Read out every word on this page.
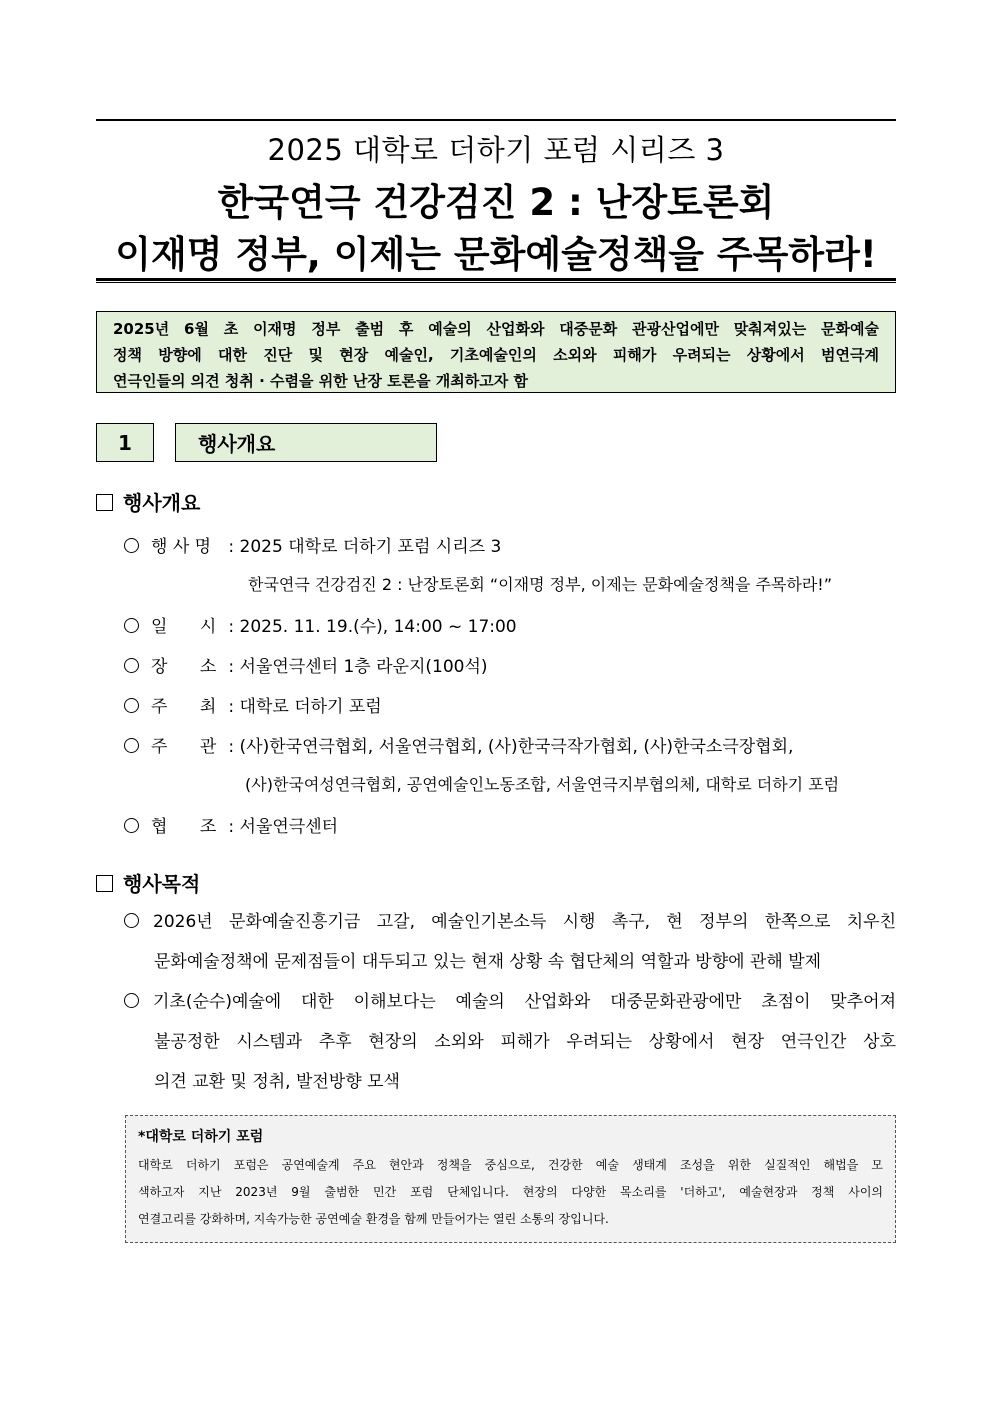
2025 대학로 더하기 포럼 시리즈 3
한국연극 건강검진 2 : 난장토론회
이재명 정부, 이제는 문화예술정책을 주목하라!
2025년 6월 초 이재명 정부 출범 후 예술의 산업화와 대중문화 관광산업에만 맞춰져있는 문화예술
정책 방향에 대한 진단 및 현장 예술인, 기초예술인의 소외와 피해가 우려되는 상황에서 범연극계
연극인들의 의견 청취 · 수렴을 위한 난장 토론을 개최하고자 함
1	행사개요
행사개요
행 사 명 : 2025 대학로 더하기 포럼 시리즈 3
한국연극 건강검진 2 : 난장토론회 “이재명 정부, 이제는 문화예술정책을 주목하라!”
일      시 : 2025. 11. 19.(수), 14:00 ~ 17:00
장      소 : 서울연극센터 1층 라운지(100석)
주      최 : 대학로 더하기 포럼
주      관 : (사)한국연극협회, 서울연극협회, (사)한국극작가협회, (사)한국소극장협회,
(사)한국여성연극협회, 공연예술인노동조합, 서울연극지부협의체, 대학로 더하기 포럼
협      조 : 서울연극센터
행사목적
2026년 문화예술진흥기금 고갈, 예술인기본소득 시행 촉구, 현 정부의 한쪽으로 치우친
문화예술정책에 문제점들이 대두되고 있는 현재 상황 속 협단체의 역할과 방향에 관해 발제
기초(순수)예술에 대한 이해보다는 예술의 산업화와 대중문화관광에만 초점이 맞추어져
불공정한 시스템과 추후 현장의 소외와 피해가 우려되는 상황에서 현장 연극인간 상호
의견 교환 및 정취, 발전방향 모색
*대학로 더하기 포럼
대학로 더하기 포럼은 공연예술계 주요 현안과 정책을 중심으로, 건강한 예술 생태계 조성을 위한 실질적인 해법을 모
색하고자 지난 2023년 9월 출범한 민간 포럼 단체입니다. 현장의 다양한 목소리를 '더하고', 예술현장과 정책 사이의
연결고리를 강화하며, 지속가능한 공연예술 환경을 함께 만들어가는 열린 소통의 장입니다.
